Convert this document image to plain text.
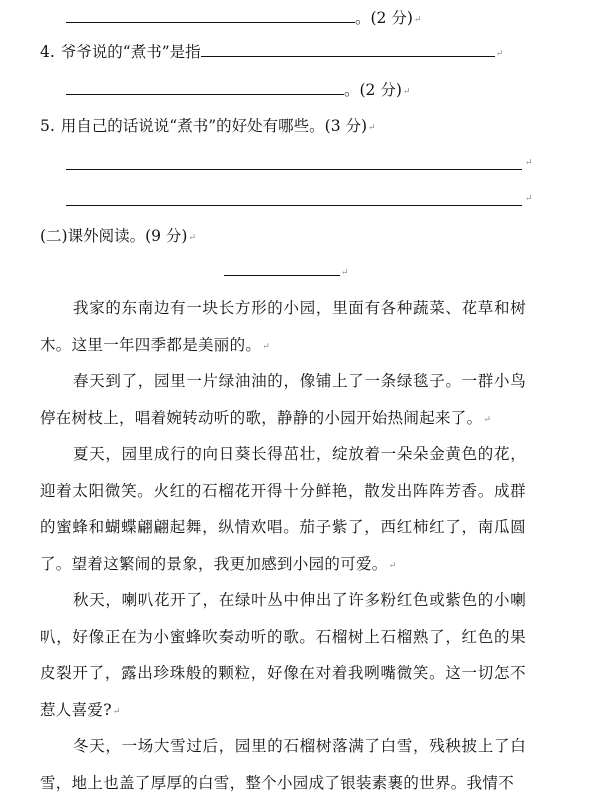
。(2 分)↵
4. 爷爷说的“煮书”是指	↵
。(2 分)↵
5. 用自己的话说说“煮书”的好处有哪些。(3 分)↵
↵
↵
(二)课外阅读。(9 分)↵
↵
我家的东南边有一块长方形的小园，里面有各种蔬菜、花草和树木。这里一年四季都是美丽的。↵
春天到了，园里一片绿油油的，像铺上了一条绿毯子。一群小鸟停在树枝上，唱着婉转动听的歌，静静的小园开始热闹起来了。↵
夏天，园里成行的向日葵长得茁壮，绽放着一朵朵金黄色的花，迎着太阳微笑。火红的石榴花开得十分鲜艳，散发出阵阵芳香。成群的蜜蜂和蝴蝶翩翩起舞，纵情欢唱。茄子紫了，西红柿红了，南瓜圆了。望着这繁闹的景象，我更加感到小园的可爱。↵
秋天，喇叭花开了，在绿叶丛中伸出了许多粉红色或紫色的小喇叭，好像正在为小蜜蜂吹奏动听的歌。石榴树上石榴熟了，红色的果皮裂开了，露出珍珠般的颗粒，好像在对着我咧嘴微笑。这一切怎不惹人喜爱?↵
冬天，一场大雪过后，园里的石榴树落满了白雪，残秧披上了白雪，地上也盖了厚厚的白雪，整个小园成了银装素裹的世界。我情不
